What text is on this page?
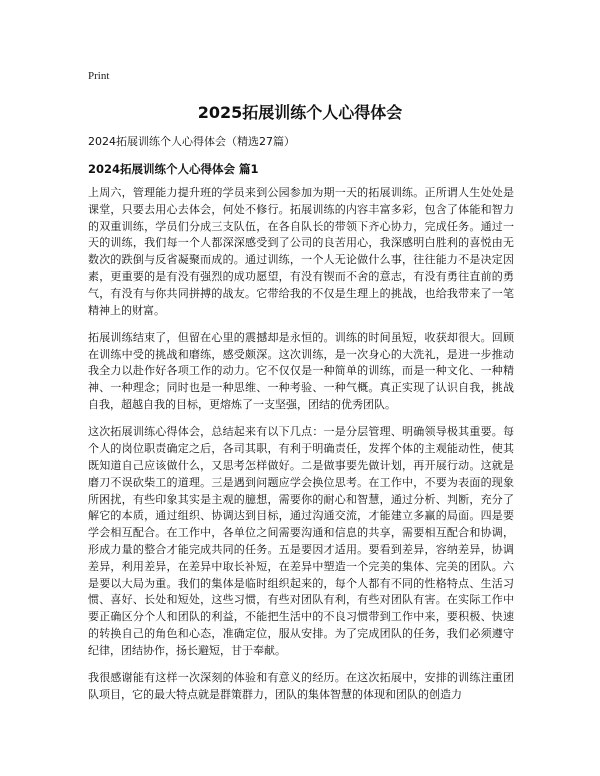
Print
2025拓展训练个人心得体会
2024拓展训练个人心得体会（精选27篇）
2024拓展训练个人心得体会 篇1

上周六，管理能力提升班的学员来到公园参加为期一天的拓展训练。正所谓人生处处是课堂，只要去用心去体会，何处不修行。拓展训练的内容丰富多彩，包含了体能和智力的双重训练，学员们分成三支队伍，在各自队长的带领下齐心协力，完成任务。通过一天的训练，我们每一个人都深深感受到了公司的良苦用心，我深感明白胜利的喜悦由无数次的跌倒与反省凝聚而成的。通过训练，一个人无论做什么事，往往能力不是决定因素，更重要的是有没有强烈的成功愿望，有没有锲而不舍的意志，有没有勇往直前的勇气，有没有与你共同拼搏的战友。它带给我的不仅是生理上的挑战，也给我带来了一笔精神上的财富。

拓展训练结束了，但留在心里的震撼却是永恒的。训练的时间虽短，收获却很大。回顾在训练中受的挑战和磨练，感受颇深。这次训练，是一次身心的大洗礼，是进一步推动我全力以赴作好各项工作的动力。它不仅仅是一种简单的训练，而是一种文化、一种精神、一种理念；同时也是一种思维、一种考验、一种气概。真正实现了认识自我，挑战自我，超越自我的目标，更熔炼了一支坚强，团结的优秀团队。

这次拓展训练心得体会，总结起来有以下几点：一是分层管理、明确领导极其重要。每个人的岗位职责确定之后，各司其职，有利于明确责任，发挥个体的主观能动性，使其既知道自己应该做什么，又思考怎样做好。二是做事要先做计划，再开展行动。这就是磨刀不误砍柴工的道理。三是遇到问题应学会换位思考。在工作中，不要为表面的现象所困扰，有些印象其实是主观的臆想，需要你的耐心和智慧，通过分析、判断，充分了解它的本质，通过组织、协调达到目标，通过沟通交流，才能建立多赢的局面。四是要学会相互配合。在工作中，各单位之间需要沟通和信息的共享，需要相互配合和协调，形成力量的整合才能完成共同的任务。五是要因才适用。要看到差异，容纳差异，协调差异，利用差异，在差异中取长补短，在差异中塑造一个完美的集体、完美的团队。六是要以大局为重。我们的集体是临时组织起来的，每个人都有不同的性格特点、生活习惯、喜好、长处和短处，这些习惯，有些对团队有利，有些对团队有害。在实际工作中要正确区分个人和团队的利益，不能把生活中的不良习惯带到工作中来，要积极、快速的转换自己的角色和心态，准确定位，服从安排。为了完成团队的任务，我们必须遵守纪律，团结协作，扬长避短，甘于奉献。

我很感谢能有这样一次深刻的体验和有意义的经历。在这次拓展中，安排的训练注重团队项目，它的最大特点就是群策群力，团队的集体智慧的体现和团队的创造力
